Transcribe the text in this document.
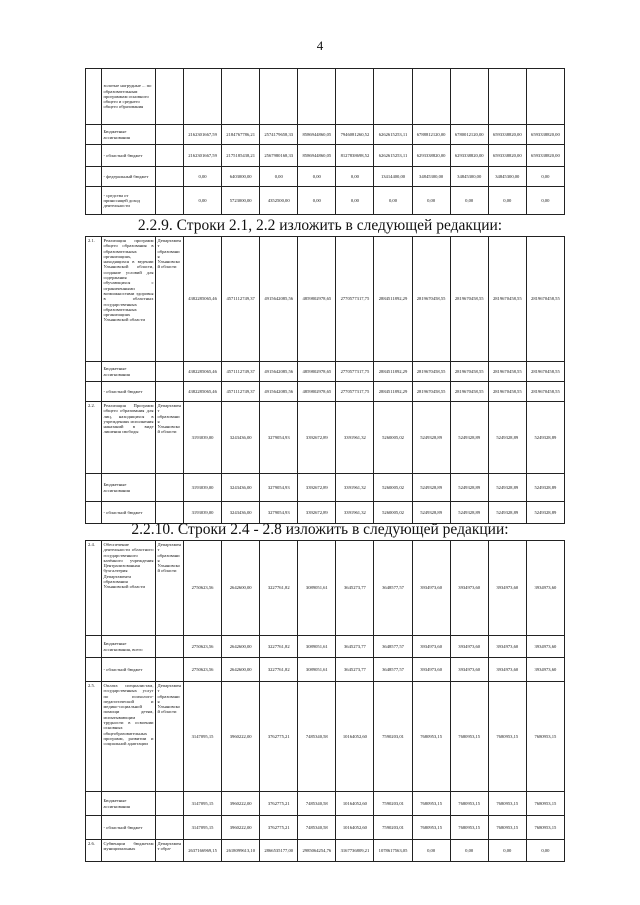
4
	золотые нагрудные ... по образовательным программам основного общего и среднего общего образования											
	Бюджетные ассигнования		2162301667,59	2184767786,21	2574179658,33	8586944860,05	7946081260,52	6262615253,11	6788812120,00	6780012120,00	6593338820,00	6593338820,00
	- областной бюджет		2162301667,59	2175185438,21	2567980168,33	8586944860,05	8127838698,52	6262615253,11	6293338820,00	6293338820,00	6593338820,00	6593338820,00
	- федеральный бюджет		0,00	6403000,00	0,00	0,00	0,00	13414400,00	34845300,00	34845300,00	34845300,00	0,00
	- средства от приносящей доход деятельности		0,00	5723000,00	4352500,00	0,00	0,00	0,00	0,00	0,00	0,00	0,00
2.2.9. Строки 2.1, 2.2 изложить в следующей редакции:
2.1.	Реализация программ общего образования в образовательных организациях, находящихся в ведении Ульяновской области, создание условий для содержания обучающихся с ограниченными возможностями здоровья в областных государственных образовательных организациях Ульяновской области	Департамент образования Ульяновской области	4382285065,46	4571112749,37	4915642085,56	4859802978,65	2770577317,75	2884511892,29	2819670458,55	2819670458,55	2819670458,55	2819670458,55
	Бюджетные ассигнования		4382285065,46	4571112749,37	4915642085,56	4859802978,65	2770577317,75	2884511892,29	2819670458,55	2819670458,55	2819670458,55	2819670458,55
	- областной бюджет		4382285065,46	4571112749,37	4915642085,56	4859802978,65	2770577317,75	2884511892,29	2819670458,55	2819670458,55	2819670458,55	2819670458,55
2.2.	Реализация Программ общего образования для лиц, находящихся в учреждениях исполнения наказаний в виде лишения свободы	Департамент образования Ульяновской области	3193039,00	3243436,00	3279054,93	3392672,89	3391961,32	5260005,02	5249328,89	5249328,89	5249328,89	5249328,89
	Бюджетные ассигнования		3193039,00	3243436,00	3279054,93	3392672,89	3391961,32	5260005,02	5249328,89	5249328,89	5249328,89	5249328,89
	- областной бюджет		3193039,00	3243436,00	3279054,93	3392672,89	3391961,32	5260005,02	5249328,89	5249328,89	5249328,89	5249328,89
2.2.10. Строки 2.4 - 2.8 изложить в следующей редакции:
2.4.	Обеспечение деятельности областного государственного казённого учреждения Централизованная бухгалтерия Департамента образования Ульяновской области	Департамент образования Ульяновской области	2750623,56	2642600,00	3227761,82	3089051,61	3645273,77	3648577,57	3934973,60	3934973,60	3934973,60	3934973,60
	Бюджетные ассигнования, всего		2750623,56	2642600,00	3227761,82	3089051,61	3645273,77	3648577,57	3934973,60	3934973,60	3934973,60	3934973,60
	- областной бюджет		2750623,56	2642600,00	3227761,82	3089051,61	3645273,77	3648577,57	3934973,60	3934973,60	3934973,60	3934973,60
2.5.	Оплата специалистам, государственных услуг по психолого-педагогической и медико-социальной помощи детям, испытывающим трудности в освоении основных общеобразовательных программ, развитии и социальной адаптации	Департамент образования Ульяновской области	3147095,15	3960222,00	3762775,21	7485340,58	10164052,60	7590203,01	7680953,15	7680953,15	7680953,15	7680953,15
	Бюджетные ассигнования		3147095,15	3960222,00	3762775,21	7485340,58	10164052,60	7590203,01	7680953,15	7680953,15	7680953,15	7680953,15
	- областной бюджет		3147095,15	3960222,00	3762775,21	7485340,58	10164052,60	7590203,01	7680953,15	7680953,15	7680953,15	7680953,15
2.6.	Субвенции бюджетам муниципальных	Департамент обра-	2637166969,15	2618099613,10	2866535177,00	2985064254,76	3167736809,21	1078617563,05	0,00	0,00	0,00	0,00
